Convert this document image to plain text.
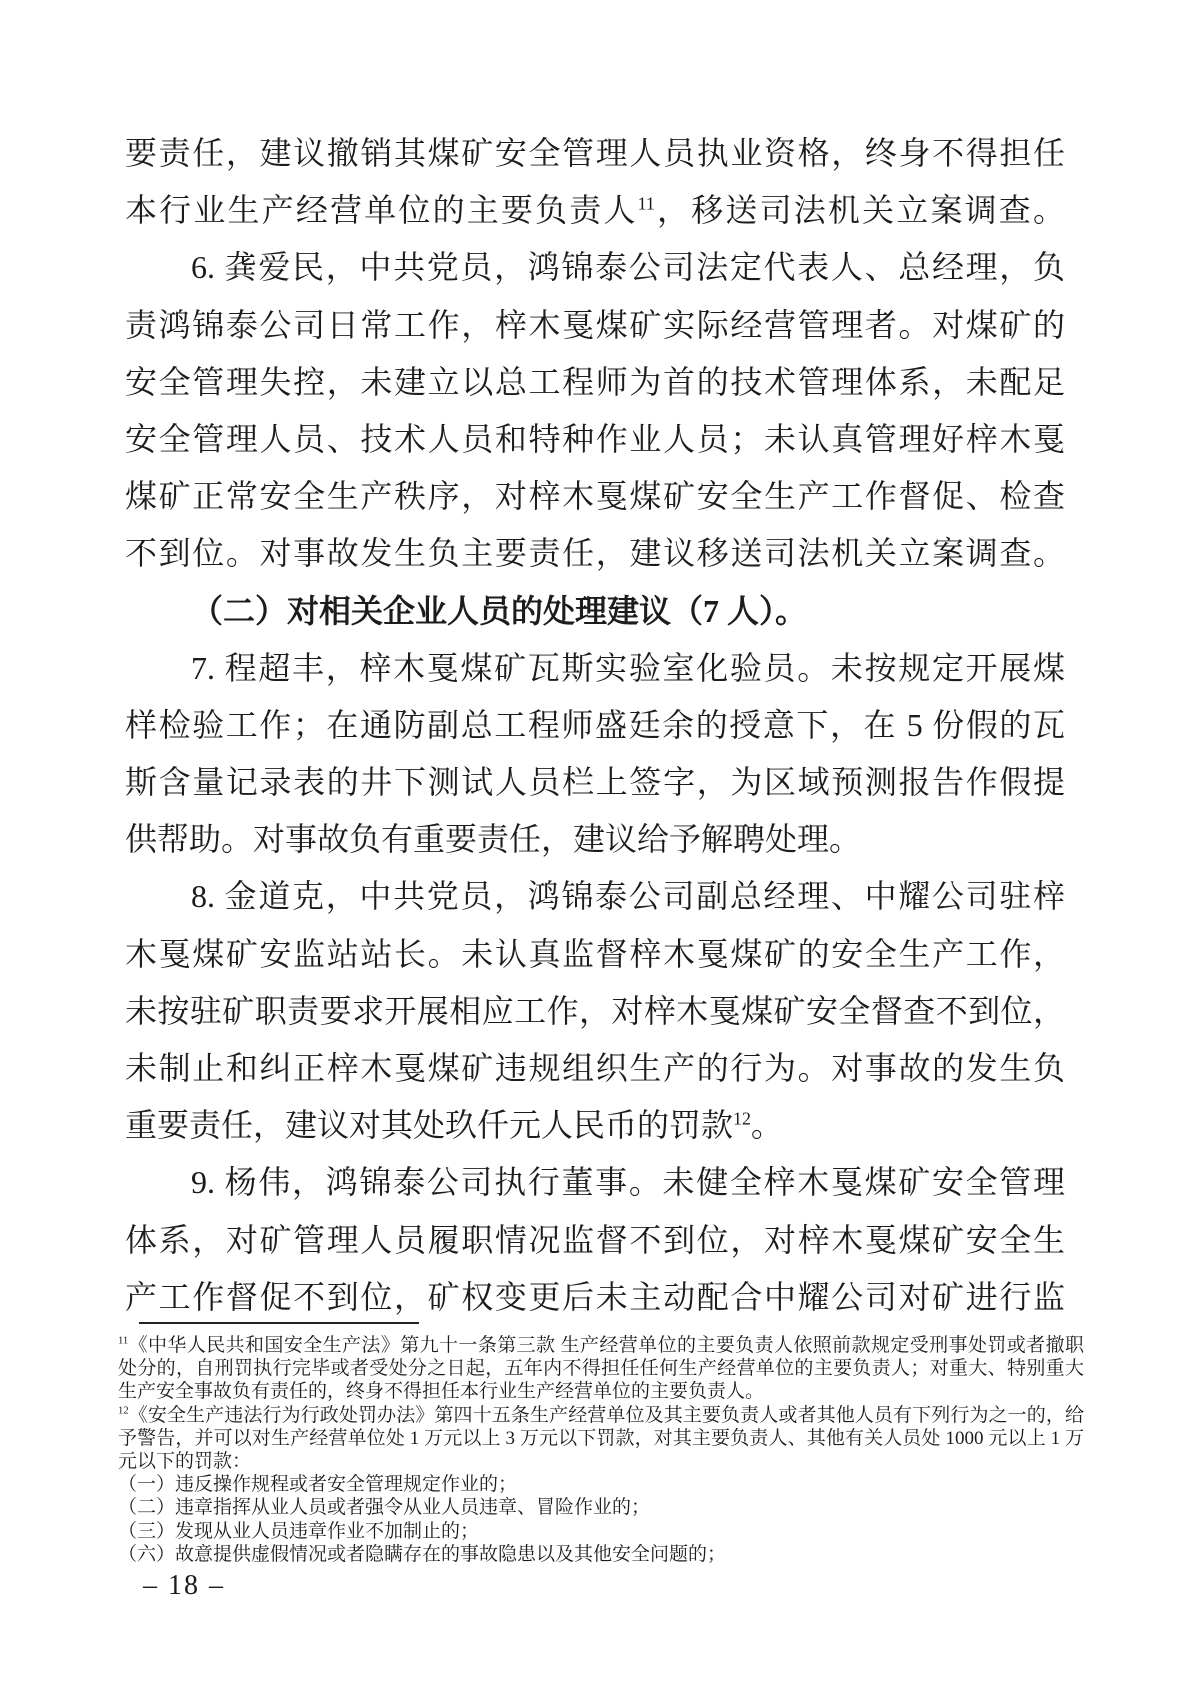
要责任，建议撤销其煤矿安全管理人员执业资格，终身不得担任
本行业生产经营单位的主要负责人$^{11}$，移送司法机关立案调查。
6. 龚爱民，中共党员，鸿锦泰公司法定代表人、总经理，负
责鸿锦泰公司日常工作，梓木戛煤矿实际经营管理者。对煤矿的
安全管理失控，未建立以总工程师为首的技术管理体系，未配足
安全管理人员、技术人员和特种作业人员；未认真管理好梓木戛
煤矿正常安全生产秩序，对梓木戛煤矿安全生产工作督促、检查
不到位。对事故发生负主要责任，建议移送司法机关立案调查。
（二）对相关企业人员的处理建议（7 人）。
7. 程超丰，梓木戛煤矿瓦斯实验室化验员。未按规定开展煤
样检验工作；在通防副总工程师盛廷余的授意下，在 5 份假的瓦
斯含量记录表的井下测试人员栏上签字，为区域预测报告作假提
供帮助。对事故负有重要责任，建议给予解聘处理。
8. 金道克，中共党员，鸿锦泰公司副总经理、中耀公司驻梓
木戛煤矿安监站站长。未认真监督梓木戛煤矿的安全生产工作，
未按驻矿职责要求开展相应工作，对梓木戛煤矿安全督查不到位，
未制止和纠正梓木戛煤矿违规组织生产的行为。对事故的发生负
重要责任，建议对其处玖仟元人民币的罚款$^{12}$。
9. 杨伟，鸿锦泰公司执行董事。未健全梓木戛煤矿安全管理
体系，对矿管理人员履职情况监督不到位，对梓木戛煤矿安全生
产工作督促不到位，矿权变更后未主动配合中耀公司对矿进行监
$^{11}$《中华人民共和国安全生产法》第九十一条第三款 生产经营单位的主要负责人依照前款规定受刑事处罚或者撤职
处分的，自刑罚执行完毕或者受处分之日起，五年内不得担任任何生产经营单位的主要负责人；对重大、特别重大
生产安全事故负有责任的，终身不得担任本行业生产经营单位的主要负责人。
$^{12}$《安全生产违法行为行政处罚办法》第四十五条生产经营单位及其主要负责人或者其他人员有下列行为之一的，给
予警告，并可以对生产经营单位处 1 万元以上 3 万元以下罚款，对其主要负责人、其他有关人员处 1000 元以上 1 万
元以下的罚款：
（一）违反操作规程或者安全管理规定作业的；
（二）违章指挥从业人员或者强令从业人员违章、冒险作业的；
（三）发现从业人员违章作业不加制止的；
（六）故意提供虚假情况或者隐瞒存在的事故隐患以及其他安全问题的；
– 18 –
